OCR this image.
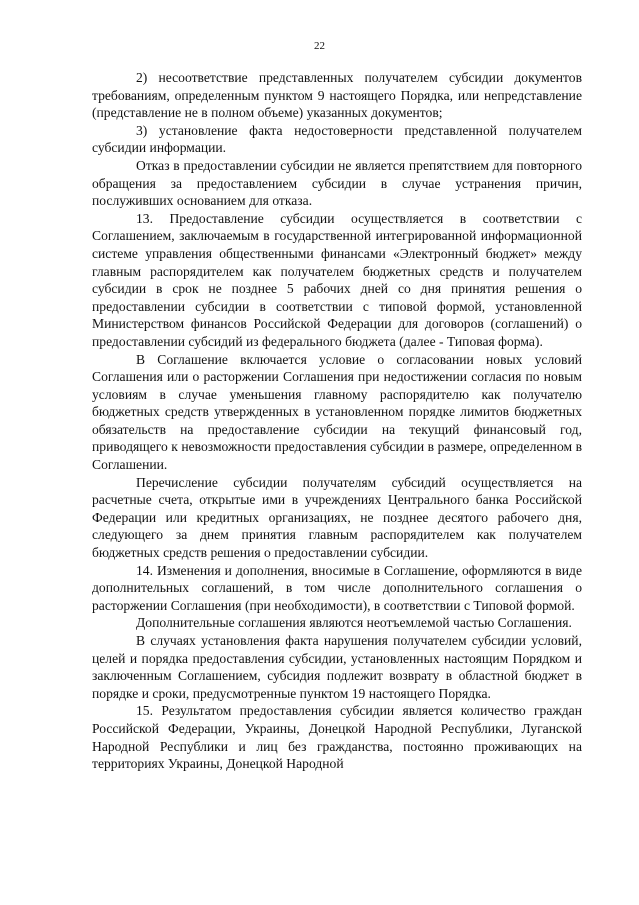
22

2) несоответствие представленных получателем субсидии документов требованиям, определенным пунктом 9 настоящего Порядка, или непредставление (представление не в полном объеме) указанных документов;

3) установление факта недостоверности представленной получателем субсидии информации.

Отказ в предоставлении субсидии не является препятствием для повторного обращения за предоставлением субсидии в случае устранения причин, послуживших основанием для отказа.

13. Предоставление субсидии осуществляется в соответствии с Соглашением, заключаемым в государственной интегрированной информационной системе управления общественными финансами «Электронный бюджет» между главным распорядителем как получателем бюджетных средств и получателем субсидии в срок не позднее 5 рабочих дней со дня принятия решения о предоставлении субсидии в соответствии с типовой формой, установленной Министерством финансов Российской Федерации для договоров (соглашений) о предоставлении субсидий из федерального бюджета (далее - Типовая форма).

В Соглашение включается условие о согласовании новых условий Соглашения или о расторжении Соглашения при недостижении согласия по новым условиям в случае уменьшения главному распорядителю как получателю бюджетных средств утвержденных в установленном порядке лимитов бюджетных обязательств на предоставление субсидии на текущий финансовый год, приводящего к невозможности предоставления субсидии в размере, определенном в Соглашении.

Перечисление субсидии получателям субсидий осуществляется на расчетные счета, открытые ими в учреждениях Центрального банка Российской Федерации или кредитных организациях, не позднее десятого рабочего дня, следующего за днем принятия главным распорядителем как получателем бюджетных средств решения о предоставлении субсидии.

14. Изменения и дополнения, вносимые в Соглашение, оформляются в виде дополнительных соглашений, в том числе дополнительного соглашения о расторжении Соглашения (при необходимости), в соответствии с Типовой формой.

Дополнительные соглашения являются неотъемлемой частью Соглашения.

В случаях установления факта нарушения получателем субсидии условий, целей и порядка предоставления субсидии, установленных настоящим Порядком и заключенным Соглашением, субсидия подлежит возврату в областной бюджет в порядке и сроки, предусмотренные пунктом 19 настоящего Порядка.

15. Результатом предоставления субсидии является количество граждан Российской Федерации, Украины, Донецкой Народной Республики, Луганской Народной Республики и лиц без гражданства, постоянно проживающих на территориях Украины, Донецкой Народной
